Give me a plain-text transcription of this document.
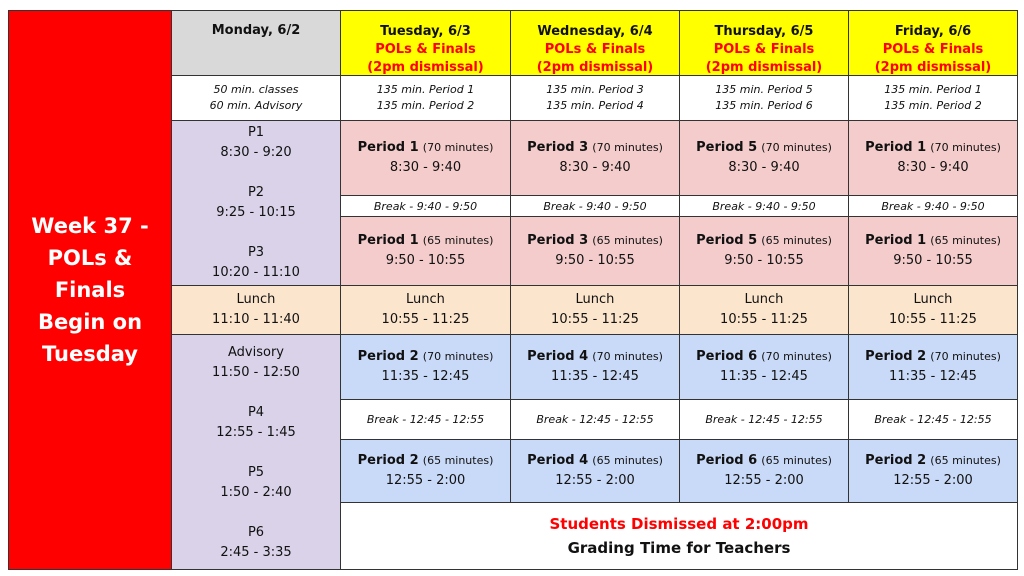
Week 37 -
POLs & Finals
Begin on
Tuesday
Monday, 6/2	Tuesday, 6/3
POLs & Finals
(2pm dismissal)
Wednesday, 6/4
POLs & Finals
(2pm dismissal)
Thursday, 6/5
POLs & Finals
(2pm dismissal)
Friday, 6/6
POLs & Finals
(2pm dismissal)
50 min. classes
60 min. Advisory
135 min. Period 1
135 min. Period 2
135 min. Period 3
135 min. Period 4
135 min. Period 5
135 min. Period 6
135 min. Period 1
135 min. Period 2
P1
8:30 - 9:20
P2
9:25 - 10:15
P3
10:20 - 11:10
Lunch
11:10 - 11:40
Advisory
11:50 - 12:50
P4
12:55 - 1:45
P5
1:50 - 2:40
P6
2:45 - 3:35
Period 1 (70 minutes)
8:30 - 9:40
Break - 9:40 - 9:50
Period 1 (65 minutes)
9:50 - 10:55
Lunch
10:55 - 11:25
Period 2 (70 minutes)
11:35 - 12:45
Break - 12:45 - 12:55
Period 2 (65 minutes)
12:55 - 2:00
Period 3 (70 minutes)
8:30 - 9:40
Break - 9:40 - 9:50
Period 3 (65 minutes)
9:50 - 10:55
Lunch
10:55 - 11:25
Period 4 (70 minutes)
11:35 - 12:45
Break - 12:45 - 12:55
Period 4 (65 minutes)
12:55 - 2:00
Period 5 (70 minutes)
8:30 - 9:40
Break - 9:40 - 9:50
Period 5 (65 minutes)
9:50 - 10:55
Lunch
10:55 - 11:25
Period 6 (70 minutes)
11:35 - 12:45
Break - 12:45 - 12:55
Period 6 (65 minutes)
12:55 - 2:00
Period 1 (70 minutes)
8:30 - 9:40
Break - 9:40 - 9:50
Period 1 (65 minutes)
9:50 - 10:55
Lunch
10:55 - 11:25
Period 2 (70 minutes)
11:35 - 12:45
Break - 12:45 - 12:55
Period 2 (65 minutes)
12:55 - 2:00
Students Dismissed at 2:00pm
Grading Time for Teachers
